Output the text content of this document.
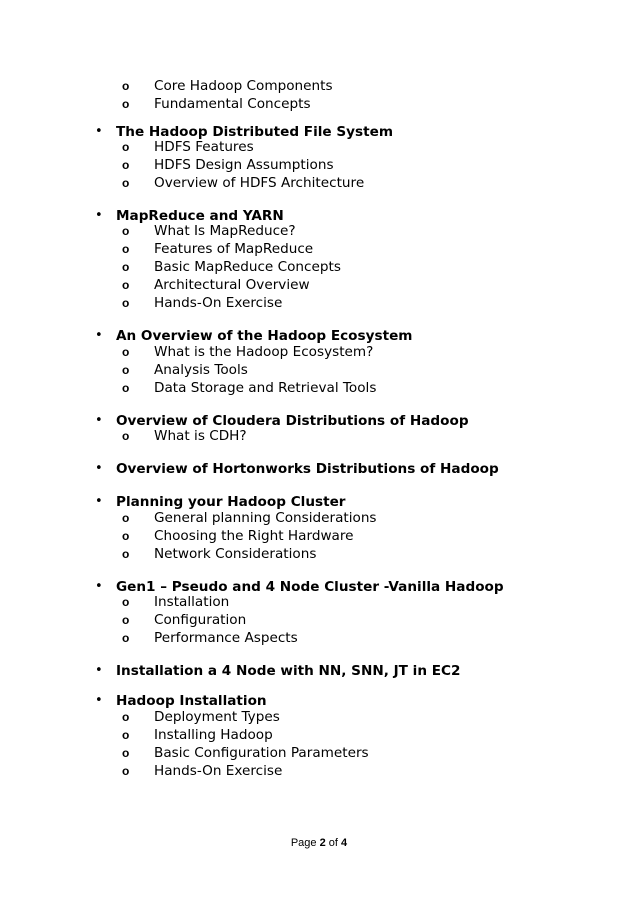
o Core Hadoop Components
o Fundamental Concepts
• The Hadoop Distributed File System
o HDFS Features
o HDFS Design Assumptions
o Overview of HDFS Architecture
• MapReduce and YARN
o What Is MapReduce?
o Features of MapReduce
o Basic MapReduce Concepts
o Architectural Overview
o Hands-On Exercise
• An Overview of the Hadoop Ecosystem
o What is the Hadoop Ecosystem?
o Analysis Tools
o Data Storage and Retrieval Tools
• Overview of Cloudera Distributions of Hadoop
o What is CDH?
• Overview of Hortonworks Distributions of Hadoop
• Planning your Hadoop Cluster
o General planning Considerations
o Choosing the Right Hardware
o Network Considerations
• Gen1 – Pseudo and 4 Node Cluster -Vanilla Hadoop
o Installation
o Configuration
o Performance Aspects
• Installation a 4 Node with NN, SNN, JT in EC2
• Hadoop Installation
o Deployment Types
o Installing Hadoop
o Basic Configuration Parameters
o Hands-On Exercise
Page 2 of 4
